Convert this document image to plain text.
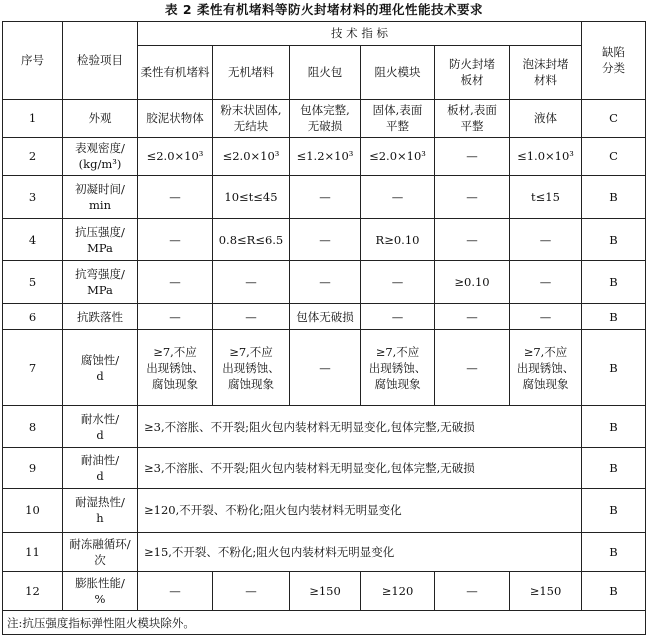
表 2 柔性有机堵料等防火封堵材料的理化性能技术要求
序号	检验项目	技 术 指 标						缺陷
分类
		柔性有机堵料	无机堵料	阻火包	阻火模块	防火封堵
板材	泡沫封堵
材料	
1	外观	胶泥状物体	粉末状固体,
无结块	包体完整,
无破损	固体,表面
平整	板材,表面
平整	液体	C
2	表观密度/
(kg/m³)	≤2.0×10³	≤2.0×10³	≤1.2×10³	≤2.0×10³	—	≤1.0×10³	C
3	初凝时间/
min	—	10≤t≤45	—	—	—	t≤15	B
4	抗压强度/
MPa	—	0.8≤R≤6.5	—	R≥0.10	—	—	B
5	抗弯强度/
MPa	—	—	—	—	≥0.10	—	B
6	抗跌落性	—	—	包体无破损	—	—	—	B
7	腐蚀性/
d	≥7,不应
出现锈蚀、
腐蚀现象	≥7,不应
出现锈蚀、
腐蚀现象	—	≥7,不应
出现锈蚀、
腐蚀现象	—	≥7,不应
出现锈蚀、
腐蚀现象	B
8	耐水性/
d	≥3,不溶胀、不开裂;阻火包内装材料无明显变化,包体完整,无破损						B
9	耐油性/
d	≥3,不溶胀、不开裂;阻火包内装材料无明显变化,包体完整,无破损						B
10	耐湿热性/
h	≥120,不开裂、不粉化;阻火包内装材料无明显变化						B
11	耐冻融循环/
次	≥15,不开裂、不粉化;阻火包内装材料无明显变化						B
12	膨胀性能/
%	—	—	≥150	≥120	—	≥150	B
注:抗压强度指标弹性阻火模块除外。								
